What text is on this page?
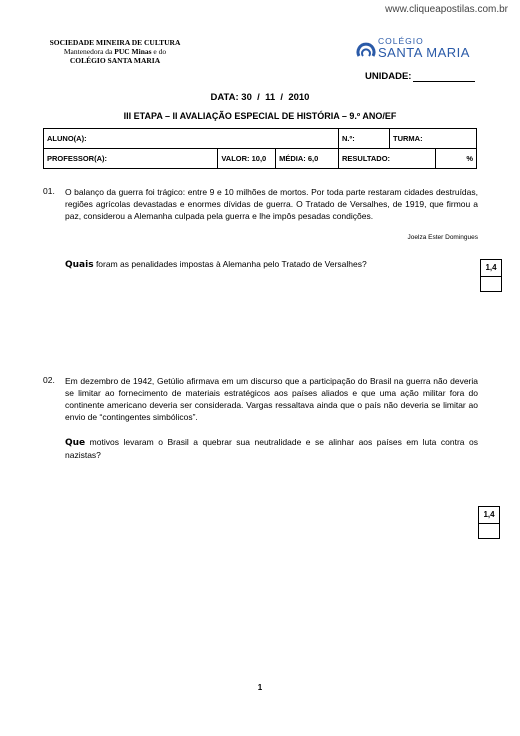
www.cliqueapostilas.com.br
SOCIEDADE MINEIRA DE CULTURA
Mantenedora da PUC Minas e do
COLÉGIO SANTA MARIA
COLÉGIO
SANTA MARIA
UNIDADE:
DATA: 30  /  11  /  2010
III ETAPA – II AVALIAÇÃO ESPECIAL DE HISTÓRIA – 9.º ANO/EF
ALUNO(A):			N.º:	TURMA:	
PROFESSOR(A):	VALOR: 10,0	MÉDIA: 6,0	RESULTADO:		%
01. O balanço da guerra foi trágico: entre 9 e 10 milhões de mortos. Por toda parte restaram cidades destruídas, regiões agrícolas devastadas e enormes dívidas de guerra. O Tratado de Versalhes, de 1919, que firmou a paz, considerou a Alemanha culpada pela guerra e lhe impôs pesadas condições.
Joelza Ester Domingues
Quais foram as penalidades impostas à Alemanha pelo Tratado de Versalhes?	1,4
02. Em dezembro de 1942, Getúlio afirmava em um discurso que a participação do Brasil na guerra não deveria se limitar ao fornecimento de materiais estratégicos aos países aliados e que uma ação militar fora do continente americano deveria ser considerada. Vargas ressaltava ainda que o país não deveria se limitar ao envio de “contingentes simbólicos”.
Que motivos levaram o Brasil a quebrar sua neutralidade e se alinhar aos países em luta contra os nazistas?
1,4
1
